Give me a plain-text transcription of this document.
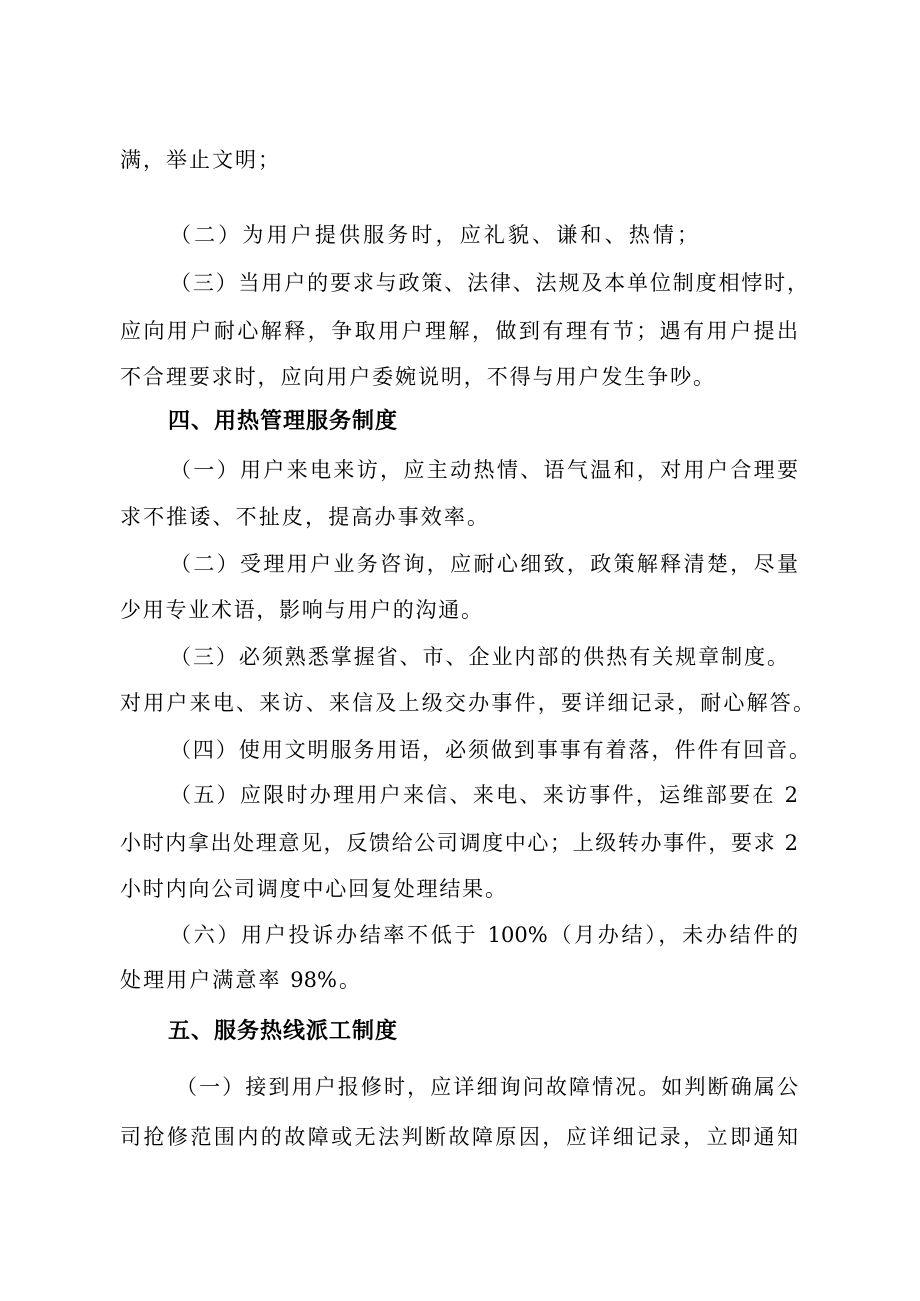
满，举止文明；
（二）为用户提供服务时，应礼貌、谦和、热情；
（三）当用户的要求与政策、法律、法规及本单位制度相悖时，
应向用户耐心解释，争取用户理解，做到有理有节；遇有用户提出
不合理要求时，应向用户委婉说明，不得与用户发生争吵。
四、用热管理服务制度
（一）用户来电来访，应主动热情、语气温和，对用户合理要
求不推诿、不扯皮，提高办事效率。
（二）受理用户业务咨询，应耐心细致，政策解释清楚，尽量
少用专业术语，影响与用户的沟通。
（三）必须熟悉掌握省、市、企业内部的供热有关规章制度。
对用户来电、来访、来信及上级交办事件，要详细记录，耐心解答。
（四）使用文明服务用语，必须做到事事有着落，件件有回音。
（五）应限时办理用户来信、来电、来访事件，运维部要在 2
小时内拿出处理意见，反馈给公司调度中心；上级转办事件，要求 2
小时内向公司调度中心回复处理结果。
（六）用户投诉办结率不低于 100%（月办结），未办结件的
处理用户满意率 98%。
五、服务热线派工制度
（一）接到用户报修时，应详细询问故障情况。如判断确属公
司抢修范围内的故障或无法判断故障原因，应详细记录，立即通知
